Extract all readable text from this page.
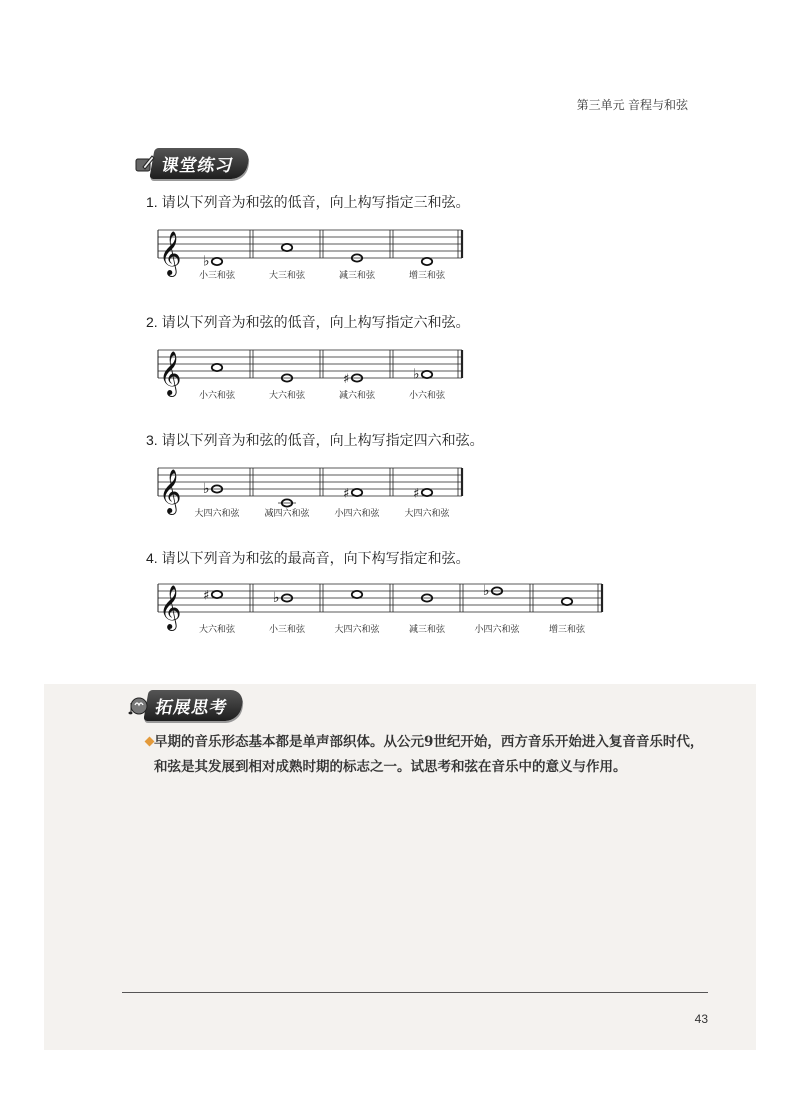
第三单元 音程与和弦
课堂练习
1. 请以下列音为和弦的低音，向上构写指定三和弦。
𝄞 ♭
小三和弦	大三和弦	减三和弦	增三和弦
2. 请以下列音为和弦的低音，向上构写指定六和弦。
𝄞
小六和弦	大六和弦
♯
减六和弦
♭
小六和弦
3. 请以下列音为和弦的低音，向上构写指定四六和弦。
𝄞 ♭
大四六和弦	减四六和弦
♯
小四六和弦
♯
大四六和弦
4. 请以下列音为和弦的最高音，向下构写指定和弦。
𝄞 ♯
大六和弦
♭
小三和弦	大四六和弦	减三和弦
♭
小四六和弦	增三和弦
拓展思考
早期的音乐形态基本都是单声部织体。从公元9世纪开始，西方音乐开始进入复音音乐时代，和弦是其发展到相对成熟时期的标志之一。试思考和弦在音乐中的意义与作用。
43
